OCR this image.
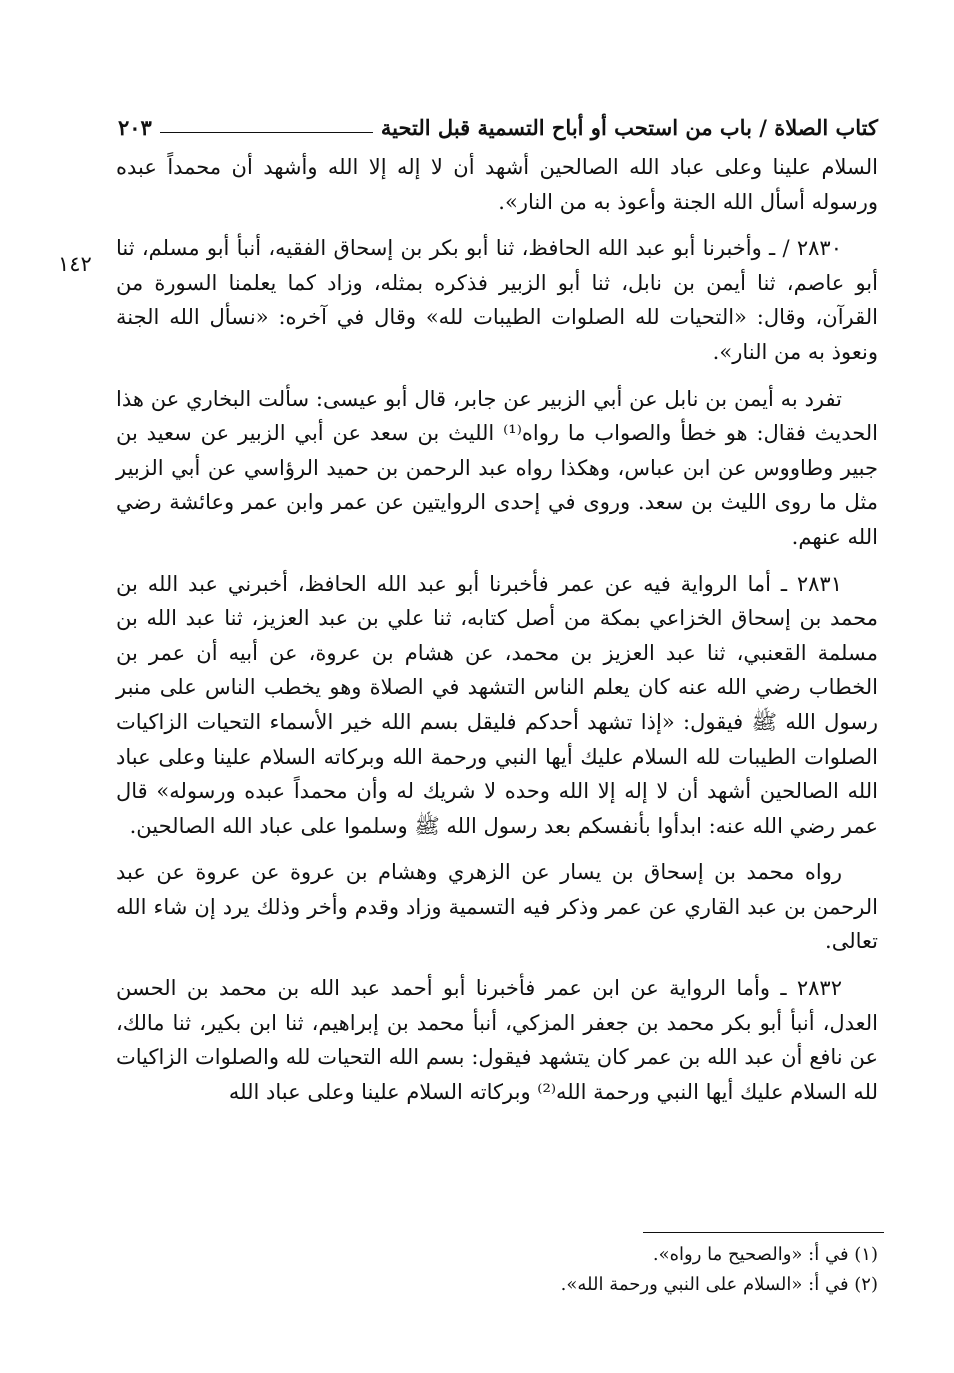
كتاب الصلاة / باب من استحب أو أباح التسمية قبل التحية
٢٠٣
١٤٢

السلام علينا وعلى عباد الله الصالحين أشهد أن لا إله إلا الله وأشهد أن محمداً عبده ورسوله أسأل الله الجنة وأعوذ به من النار».

٢٨٣٠ / ـ وأخبرنا أبو عبد الله الحافظ، ثنا أبو بكر بن إسحاق الفقيه، أنبأ أبو مسلم، ثنا أبو عاصم، ثنا أيمن بن نابل، ثنا أبو الزبير فذكره بمثله، وزاد كما يعلمنا السورة من القرآن، وقال: «التحيات لله الصلوات الطيبات لله» وقال في آخره: «نسأل الله الجنة ونعوذ به من النار».

تفرد به أيمن بن نابل عن أبي الزبير عن جابر، قال أبو عيسى: سألت البخاري عن هذا الحديث فقال: هو خطأ والصواب ما رواه⁽¹⁾ الليث بن سعد عن أبي الزبير عن سعيد بن جبير وطاووس عن ابن عباس، وهكذا رواه عبد الرحمن بن حميد الرؤاسي عن أبي الزبير مثل ما روى الليث بن سعد. وروى في إحدى الروايتين عن عمر وابن عمر وعائشة رضي الله عنهم.

٢٨٣١ ـ أما الرواية فيه عن عمر فأخبرنا أبو عبد الله الحافظ، أخبرني عبد الله بن محمد بن إسحاق الخزاعي بمكة من أصل كتابه، ثنا علي بن عبد العزيز، ثنا عبد الله بن مسلمة القعنبي، ثنا عبد العزيز بن محمد، عن هشام بن عروة، عن أبيه أن عمر بن الخطاب رضي الله عنه كان يعلم الناس التشهد في الصلاة وهو يخطب الناس على منبر رسول الله ﷺ فيقول: «إذا تشهد أحدكم فليقل بسم الله خير الأسماء التحيات الزاكيات الصلوات الطيبات لله السلام عليك أيها النبي ورحمة الله وبركاته السلام علينا وعلى عباد الله الصالحين أشهد أن لا إله إلا الله وحده لا شريك له وأن محمداً عبده ورسوله» قال عمر رضي الله عنه: ابدأوا بأنفسكم بعد رسول الله ﷺ وسلموا على عباد الله الصالحين.

رواه محمد بن إسحاق بن يسار عن الزهري وهشام بن عروة عن عروة عن عبد الرحمن بن عبد القاري عن عمر وذكر فيه التسمية وزاد وقدم وأخر وذلك يرد إن شاء الله تعالى.

٢٨٣٢ ـ وأما الرواية عن ابن عمر فأخبرنا أبو أحمد عبد الله بن محمد بن الحسن العدل، أنبأ أبو بكر محمد بن جعفر المزكي، أنبأ محمد بن إبراهيم، ثنا ابن بكير، ثنا مالك، عن نافع أن عبد الله بن عمر كان يتشهد فيقول: بسم الله التحيات لله والصلوات الزاكيات لله السلام عليك أيها النبي ورحمة الله⁽²⁾ وبركاته السلام علينا وعلى عباد الله

(١) في أ: «والصحيح ما رواه».

(٢) في أ: «السلام على النبي ورحمة الله».
